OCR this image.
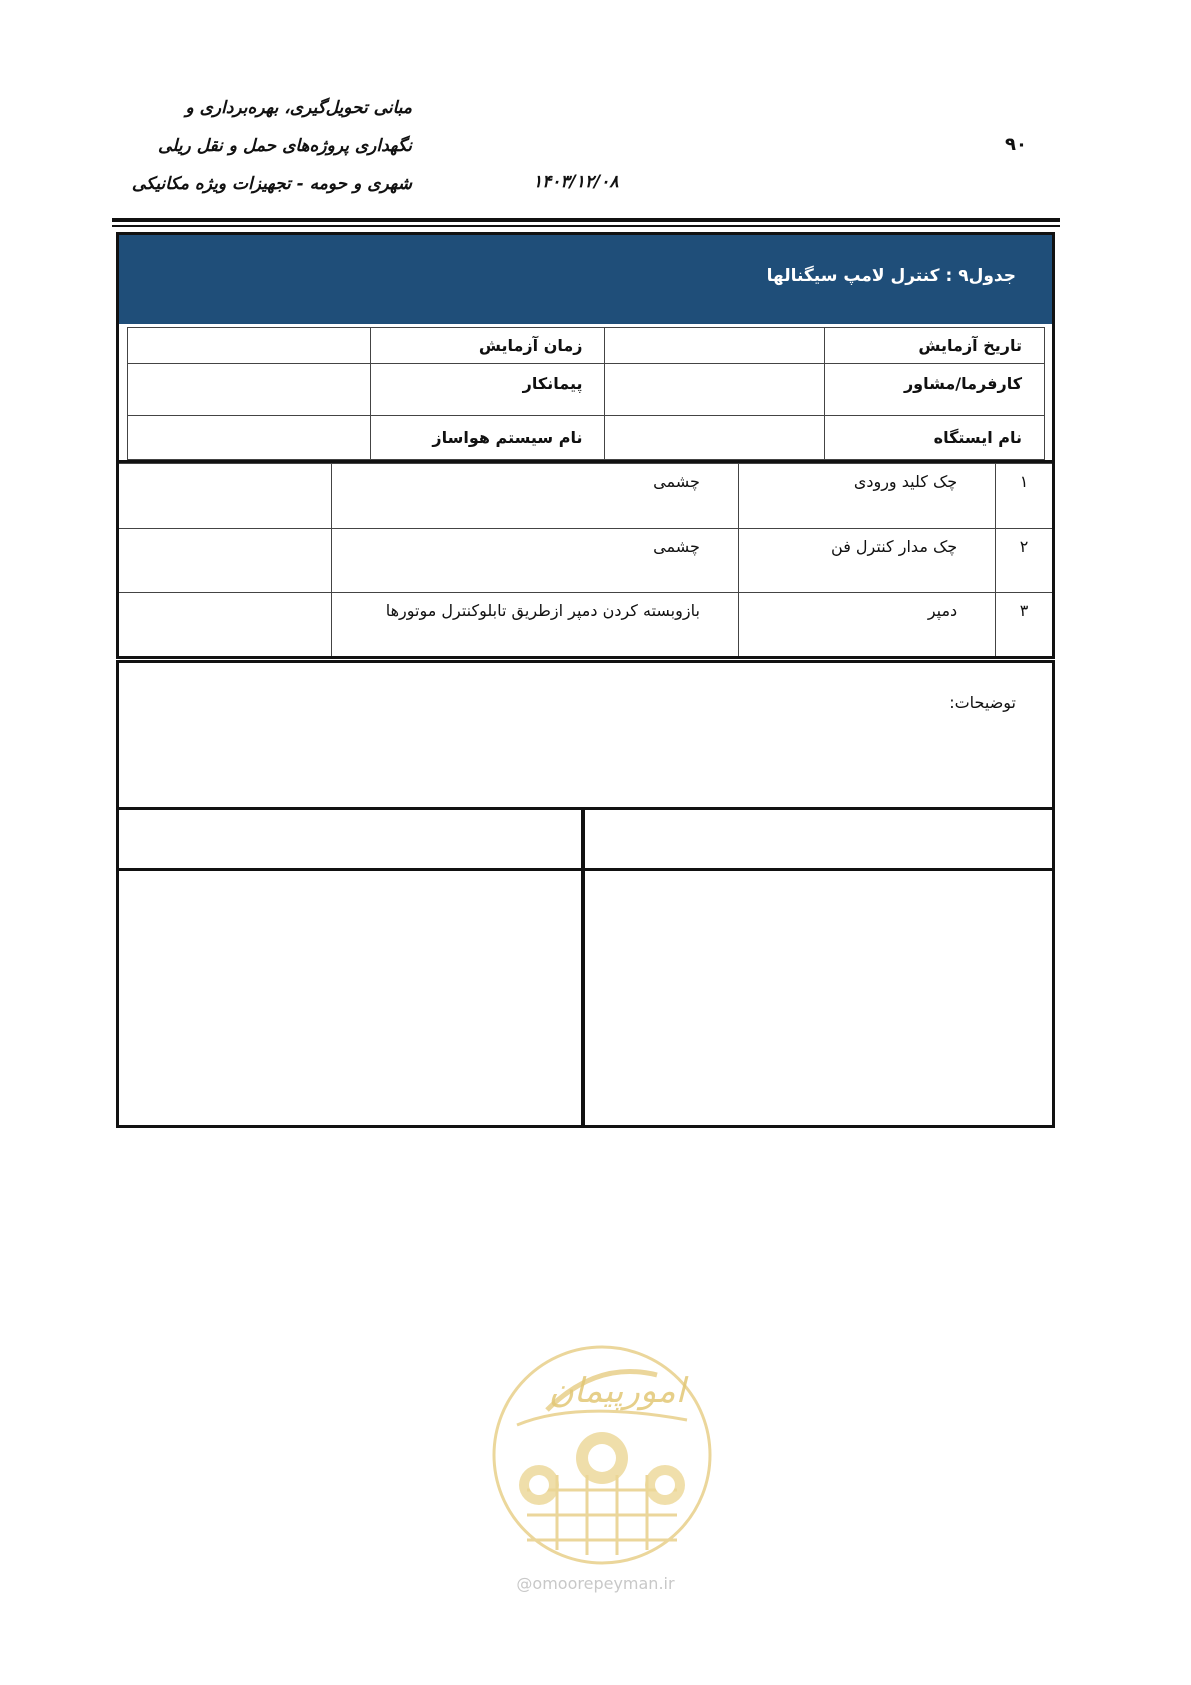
مبانی تحویل‌گیری، بهره‌برداری و
نگهداری پروژه‌های حمل و نقل ریلی
شهری و حومه - تجهیزات ویژه مکانیکی	۱۴۰۳/۱۲/۰۸
۹۰
جدول۹ : کنترل لامپ سیگنالها
تاریخ آزمایش		زمان آزمایش	
کارفرما/مشاور		پیمانکار	
نام ایستگاه		نام سیستم هواساز	
۱	چک کلید ورودی	چشمی	
۲	چک مدار کنترل فن	چشمی	
۳	دمپر	بازوبسته کردن دمپر ازطریق تابلوکنترل موتورها	
توضیحات:
امورپیمان
@omoorepeyman.ir
